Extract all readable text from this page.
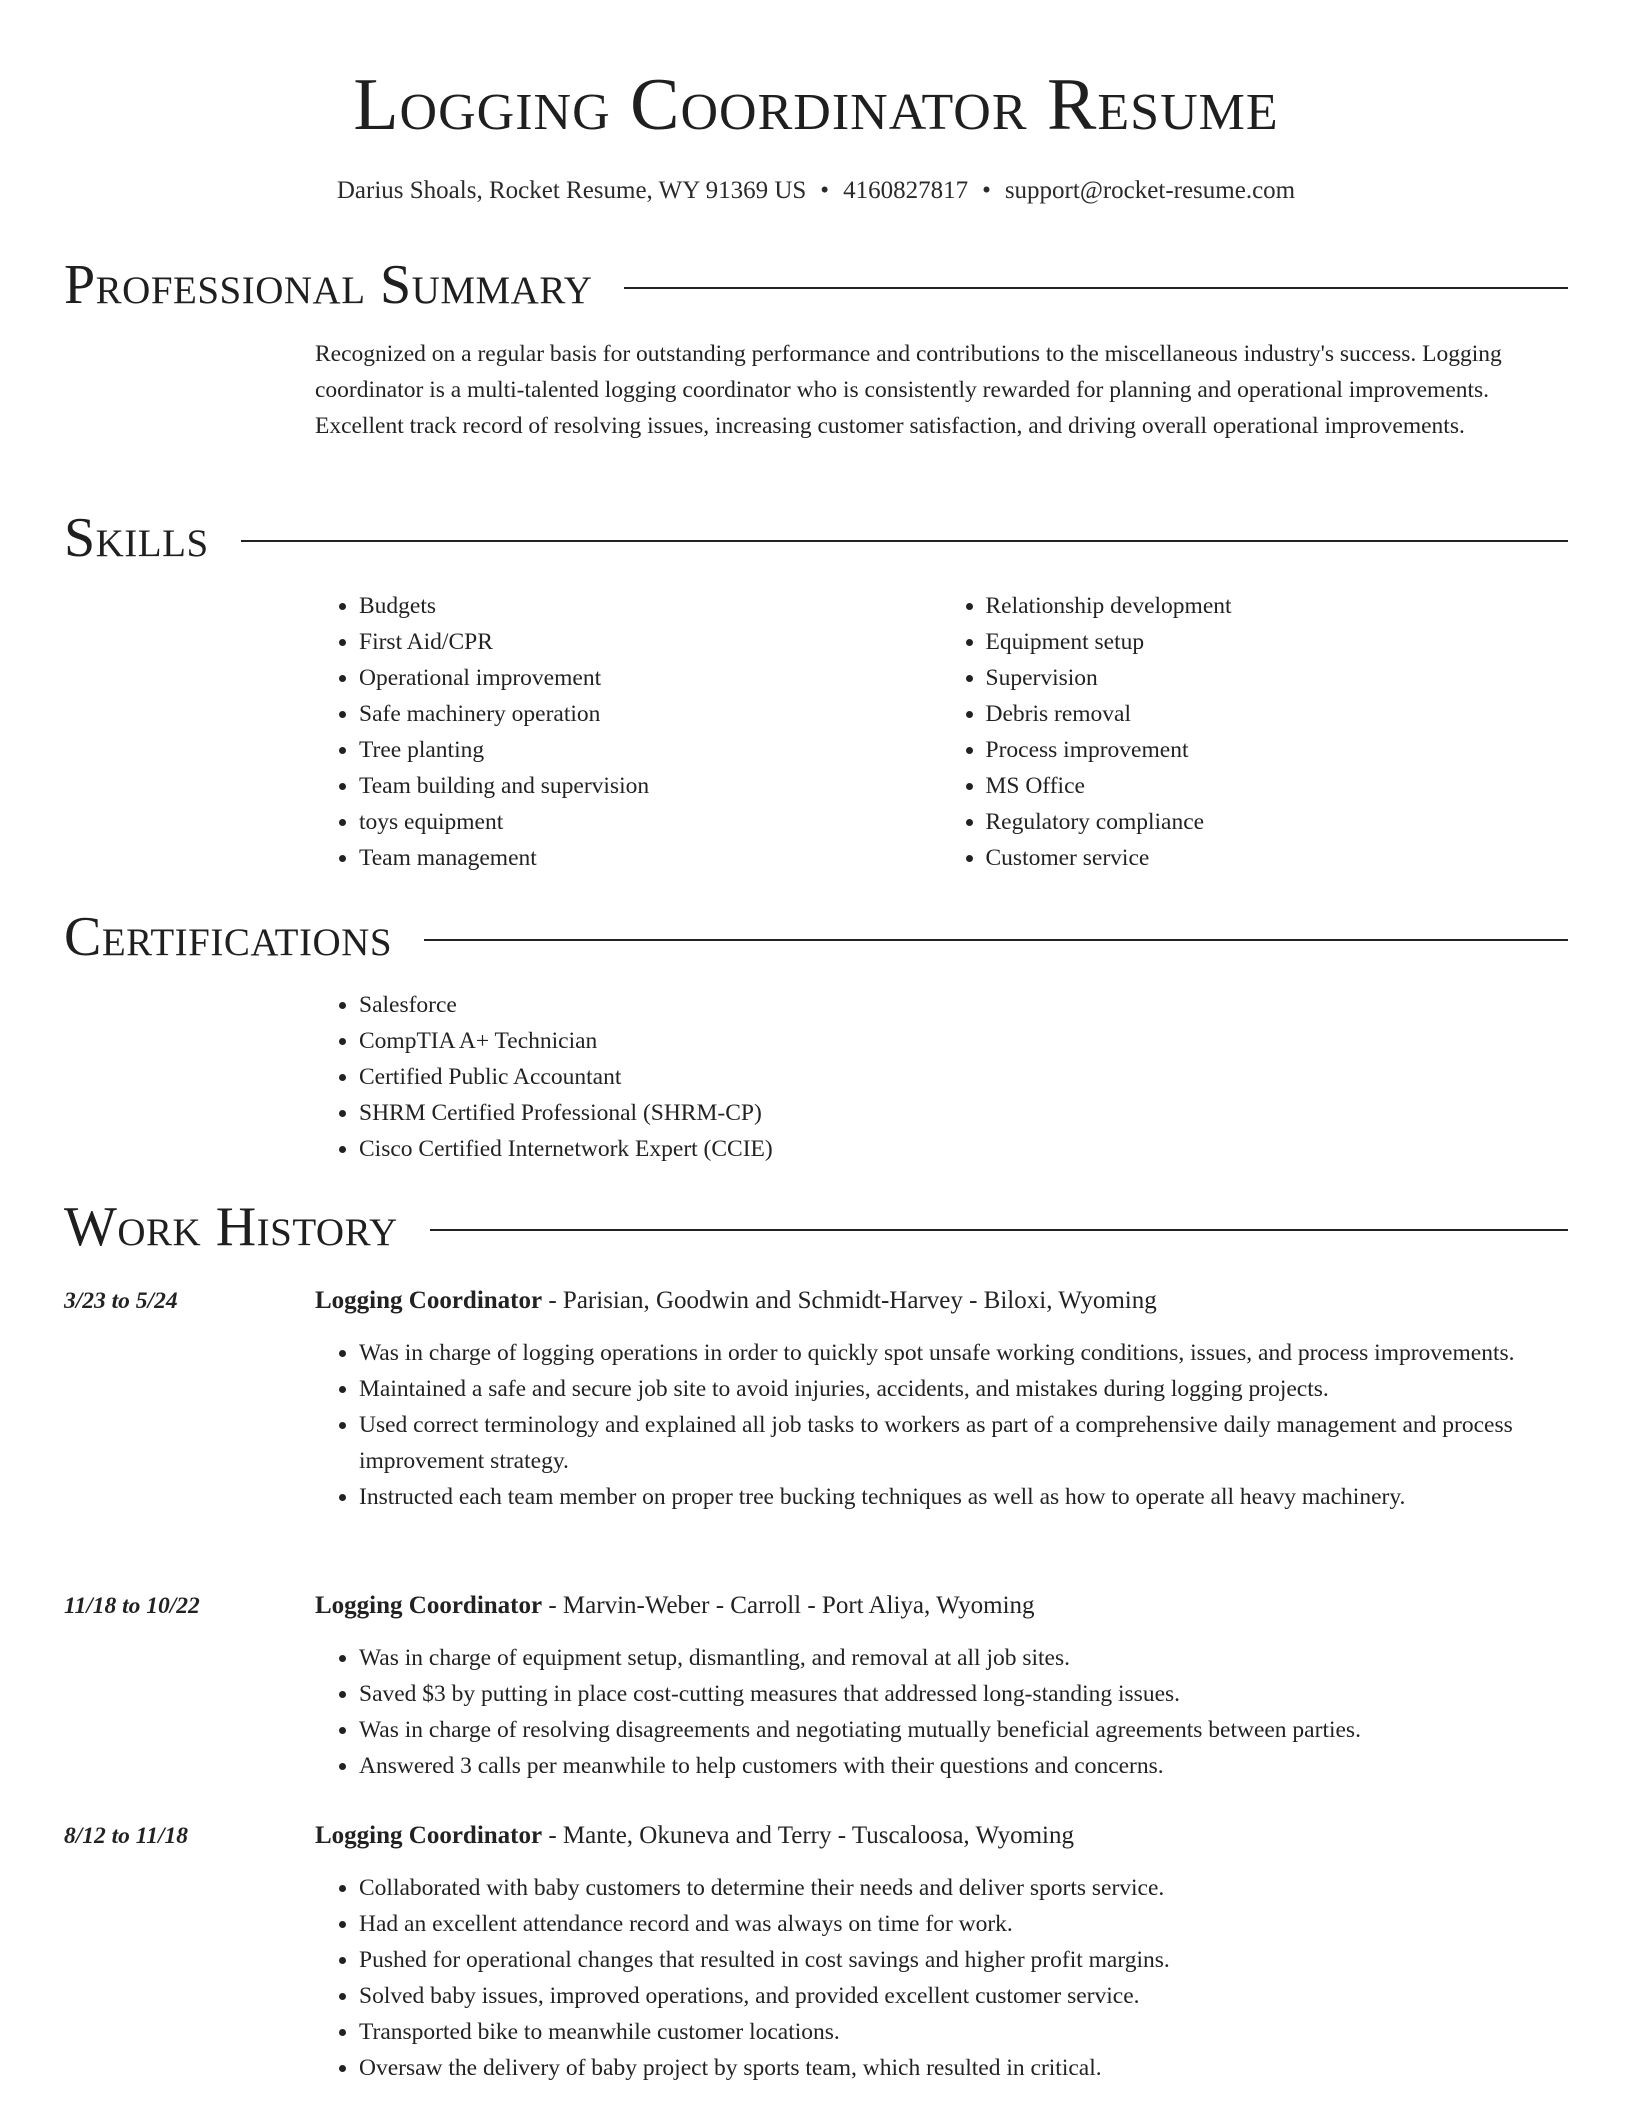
Logging Coordinator Resume
Darius Shoals, Rocket Resume, WY 91369 US • 4160827817 • support@rocket-resume.com
Professional Summary

Recognized on a regular basis for outstanding performance and contributions to the miscellaneous industry's success. Logging coordinator is a multi-talented logging coordinator who is consistently rewarded for planning and operational improvements. Excellent track record of resolving issues, increasing customer satisfaction, and driving overall operational improvements.

Skills
• Budgets
• First Aid/CPR
• Operational improvement
• Safe machinery operation
• Tree planting
• Team building and supervision
• toys equipment
• Team management
• Relationship development
• Equipment setup
• Supervision
• Debris removal
• Process improvement
• MS Office
• Regulatory compliance
• Customer service
Certifications
• Salesforce
• CompTIA A+ Technician
• Certified Public Accountant
• SHRM Certified Professional (SHRM-CP)
• Cisco Certified Internetwork Expert (CCIE)
Work History
3/23 to 5/24	Logging Coordinator - Parisian, Goodwin and Schmidt-Harvey - Biloxi, Wyoming
• Was in charge of logging operations in order to quickly spot unsafe working conditions, issues, and process improvements.
• Maintained a safe and secure job site to avoid injuries, accidents, and mistakes during logging projects.
• Used correct terminology and explained all job tasks to workers as part of a comprehensive daily management and process improvement strategy.
• Instructed each team member on proper tree bucking techniques as well as how to operate all heavy machinery.
11/18 to 10/22	Logging Coordinator - Marvin-Weber - Carroll - Port Aliya, Wyoming
• Was in charge of equipment setup, dismantling, and removal at all job sites.
• Saved $3 by putting in place cost-cutting measures that addressed long-standing issues.
• Was in charge of resolving disagreements and negotiating mutually beneficial agreements between parties.
• Answered 3 calls per meanwhile to help customers with their questions and concerns.
8/12 to 11/18	Logging Coordinator - Mante, Okuneva and Terry - Tuscaloosa, Wyoming
• Collaborated with baby customers to determine their needs and deliver sports service.
• Had an excellent attendance record and was always on time for work.
• Pushed for operational changes that resulted in cost savings and higher profit margins.
• Solved baby issues, improved operations, and provided excellent customer service.
• Transported bike to meanwhile customer locations.
• Oversaw the delivery of baby project by sports team, which resulted in critical.
